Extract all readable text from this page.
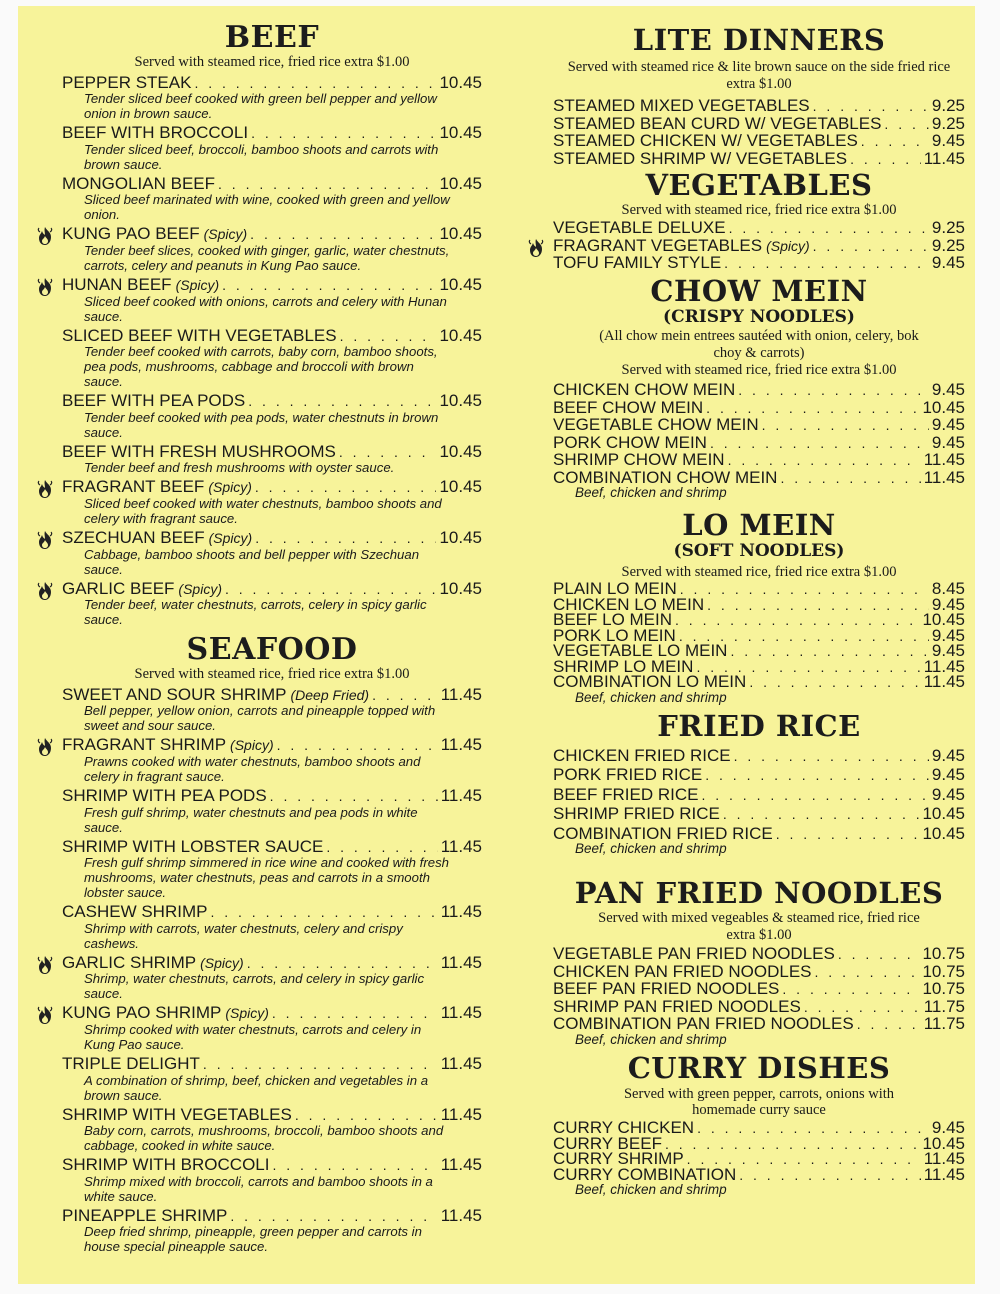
BEEF
Served with steamed rice, fried rice extra $1.00
PEPPER STEAK . . .	10.45
Tender sliced beef cooked with green bell pepper and yellow onion in brown sauce.
BEEF WITH BROCCOLI . . .	10.45
Tender sliced beef, broccoli, bamboo shoots and carrots with brown sauce.
MONGOLIAN BEEF . . .	10.45
Sliced beef marinated with wine, cooked with green and yellow onion.
KUNG PAO BEEF (Spicy) . . .	10.45
Tender beef slices, cooked with ginger, garlic, water chestnuts, carrots, celery and peanuts in Kung Pao sauce.
HUNAN BEEF (Spicy) . . .	10.45
Sliced beef cooked with onions, carrots and celery with Hunan sauce.
SLICED BEEF WITH VEGETABLES . . .	10.45
Tender beef cooked with carrots, baby corn, bamboo shoots, pea pods, mushrooms, cabbage and broccoli with brown sauce.
BEEF WITH PEA PODS . . .	10.45
Tender beef cooked with pea pods, water chestnuts in brown sauce.
BEEF WITH FRESH MUSHROOMS . . .	10.45
Tender beef and fresh mushrooms with oyster sauce.
FRAGRANT BEEF (Spicy) . . .	10.45
Sliced beef cooked with water chestnuts, bamboo shoots and celery with fragrant sauce.
SZECHUAN BEEF (Spicy) . . .	10.45
Cabbage, bamboo shoots and bell pepper with Szechuan sauce.
GARLIC BEEF (Spicy) . . .	10.45
Tender beef, water chestnuts, carrots, celery in spicy garlic sauce.
SEAFOOD
Served with steamed rice, fried rice extra $1.00
SWEET AND SOUR SHRIMP (Deep Fried) . . .	11.45
Bell pepper, yellow onion, carrots and pineapple topped with sweet and sour sauce.
FRAGRANT SHRIMP (Spicy) . . .	11.45
Prawns cooked with water chestnuts, bamboo shoots and celery in fragrant sauce.
SHRIMP WITH PEA PODS . . .	11.45
Fresh gulf shrimp, water chestnuts and pea pods in white sauce.
SHRIMP WITH LOBSTER SAUCE . . .	11.45
Fresh gulf shrimp simmered in rice wine and cooked with fresh mushrooms, water chestnuts, peas and carrots in a smooth lobster sauce.
CASHEW SHRIMP . . .	11.45
Shrimp with carrots, water chestnuts, celery and crispy cashews.
GARLIC SHRIMP (Spicy) . . .	11.45
Shrimp, water chestnuts, carrots, and celery in spicy garlic sauce.
KUNG PAO SHRIMP (Spicy) . . .	11.45
Shrimp cooked with water chestnuts, carrots and celery in Kung Pao sauce.
TRIPLE DELIGHT . . .	11.45
A combination of shrimp, beef, chicken and vegetables in a brown sauce.
SHRIMP WITH VEGETABLES . . .	11.45
Baby corn, carrots, mushrooms, broccoli, bamboo shoots and cabbage, cooked in white sauce.
SHRIMP WITH BROCCOLI . . .	11.45
Shrimp mixed with broccoli, carrots and bamboo shoots in a white sauce.
PINEAPPLE SHRIMP . . .	11.45
Deep fried shrimp, pineapple, green pepper and carrots in house special pineapple sauce.
LITE DINNERS
Served with steamed rice & lite brown sauce on the side fried rice extra $1.00
STEAMED MIXED VEGETABLES . . .	9.25
STEAMED BEAN CURD W/ VEGETABLES . . .	9.25
STEAMED CHICKEN W/ VEGETABLES . . .	9.45
STEAMED SHRIMP W/ VEGETABLES . . .	11.45
VEGETABLES
Served with steamed rice, fried rice extra $1.00
VEGETABLE DELUXE . . .	9.25
FRAGRANT VEGETABLES (Spicy) . . .	9.25
TOFU FAMILY STYLE . . .	9.45
CHOW MEIN
(CRISPY NOODLES)
(All chow mein entrees sautéed with onion, celery, bok choy & carrots)
Served with steamed rice, fried rice extra $1.00
CHICKEN CHOW MEIN . . .	9.45
BEEF CHOW MEIN . . .	10.45
VEGETABLE CHOW MEIN . . .	9.45
PORK CHOW MEIN . . .	9.45
SHRIMP CHOW MEIN . . .	11.45
COMBINATION CHOW MEIN . . .	11.45
Beef, chicken and shrimp
LO MEIN
(SOFT NOODLES)
Served with steamed rice, fried rice extra $1.00
PLAIN LO MEIN . . .	8.45
CHICKEN LO MEIN . . .	9.45
BEEF LO MEIN . . .	10.45
PORK LO MEIN . . .	9.45
VEGETABLE LO MEIN . . .	9.45
SHRIMP LO MEIN . . .	11.45
COMBINATION LO MEIN . . .	11.45
Beef, chicken and shrimp
FRIED RICE
CHICKEN FRIED RICE . . .	9.45
PORK FRIED RICE . . .	9.45
BEEF FRIED RICE . . .	9.45
SHRIMP FRIED RICE . . .	10.45
COMBINATION FRIED RICE . . .	10.45
Beef, chicken and shrimp
PAN FRIED NOODLES
Served with mixed vegeables & steamed rice, fried rice extra $1.00
VEGETABLE PAN FRIED NOODLES . . .	10.75
CHICKEN PAN FRIED NOODLES . . .	10.75
BEEF PAN FRIED NOODLES . . .	10.75
SHRIMP PAN FRIED NOODLES . . .	11.75
COMBINATION PAN FRIED NOODLES . . .	11.75
Beef, chicken and shrimp
CURRY DISHES
Served with green pepper, carrots, onions with homemade curry sauce
CURRY CHICKEN . . .	9.45
CURRY BEEF . . .	10.45
CURRY SHRIMP . . .	11.45
CURRY COMBINATION . . .	11.45
Beef, chicken and shrimp
